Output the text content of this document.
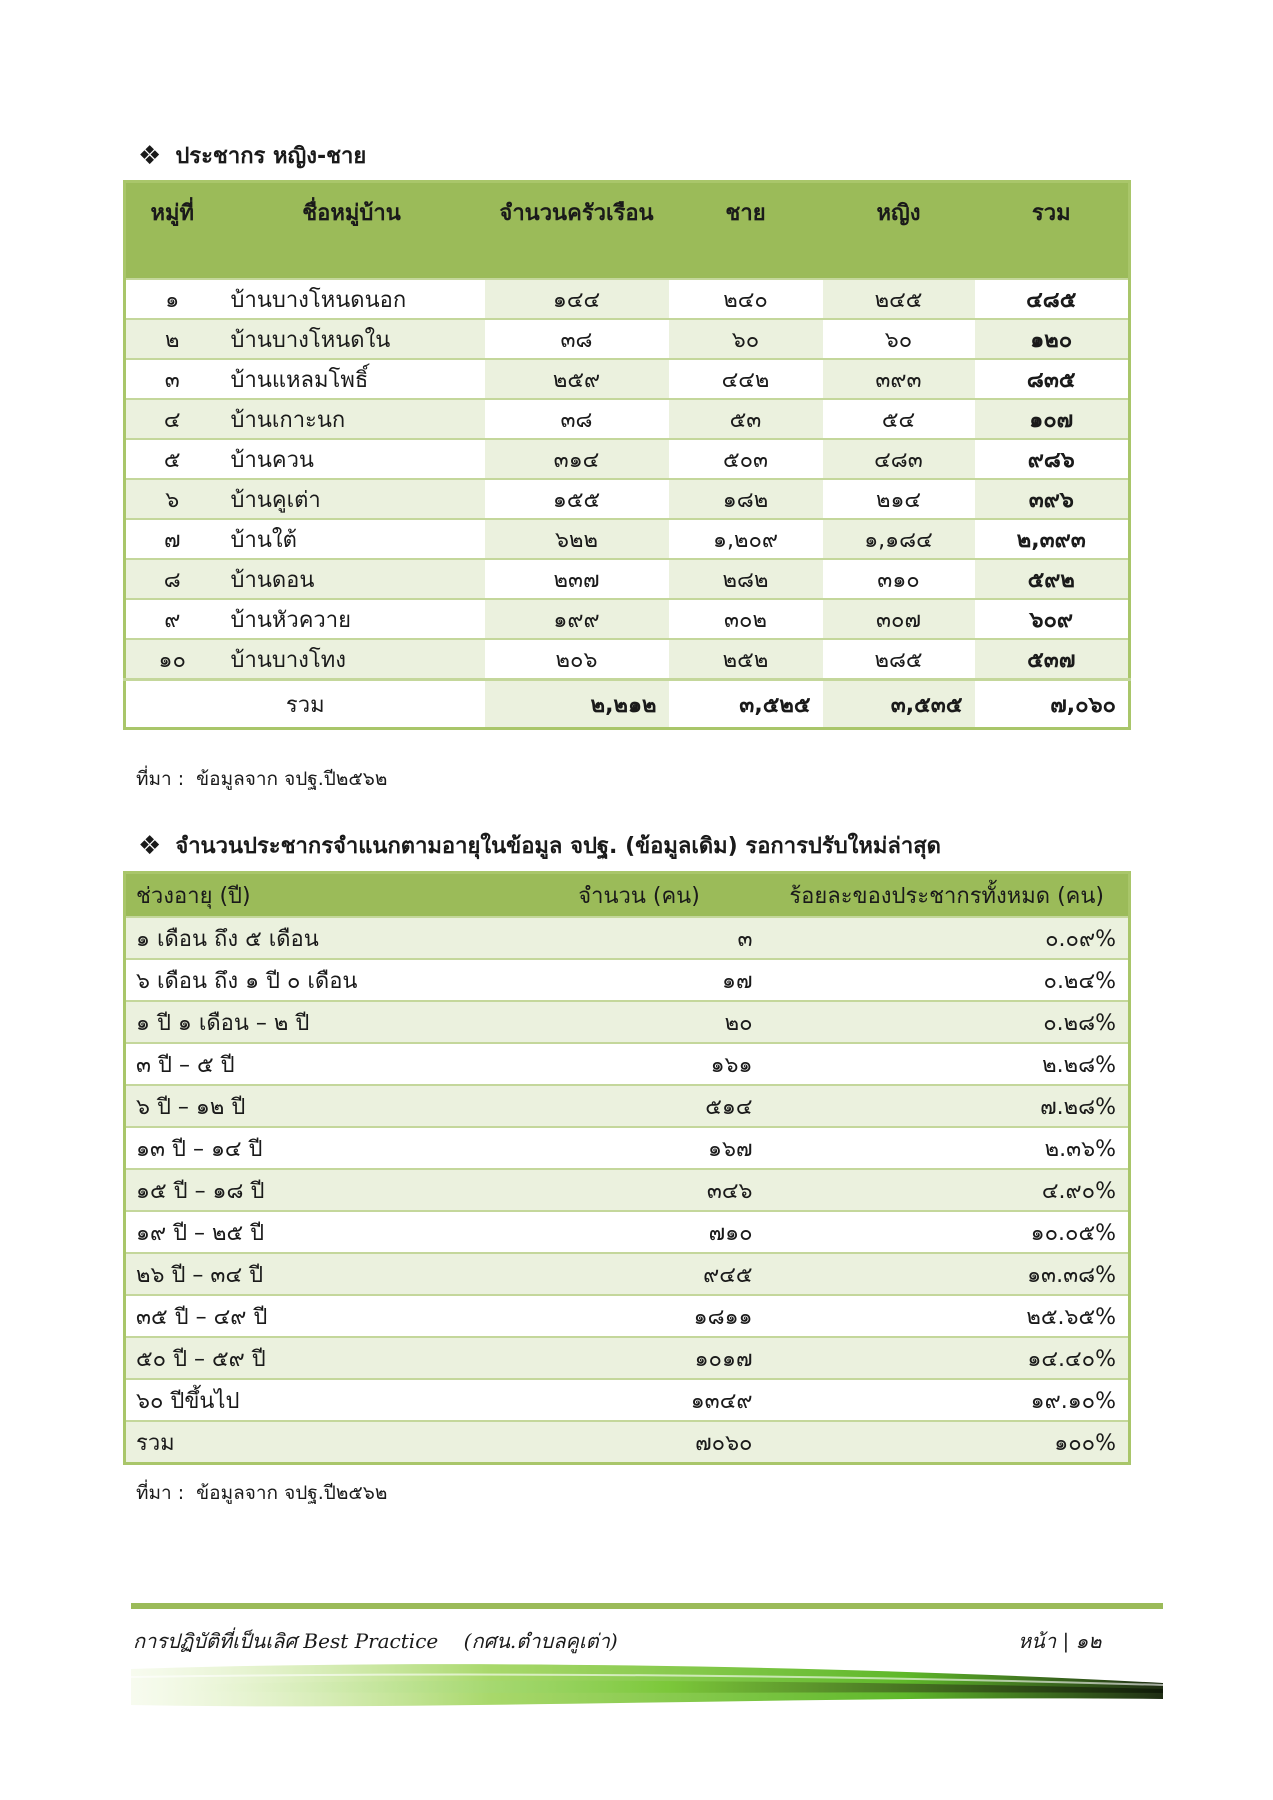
❖ ประชากร หญิง-ชาย
หมู่ที่	ชื่อหมู่บ้าน	จำนวนครัวเรือน	ชาย	หญิง	รวม
๑	บ้านบางโหนดนอก	๑๔๔	๒๔๐	๒๔๕	๔๘๕
๒	บ้านบางโหนดใน	๓๘	๖๐	๖๐	๑๒๐
๓	บ้านแหลมโพธิ์	๒๕๙	๔๔๒	๓๙๓	๘๓๕
๔	บ้านเกาะนก	๓๘	๕๓	๕๔	๑๐๗
๕	บ้านควน	๓๑๔	๕๐๓	๔๘๓	๙๘๖
๖	บ้านคูเต่า	๑๕๕	๑๘๒	๒๑๔	๓๙๖
๗	บ้านใต้	๖๒๒	๑,๒๐๙	๑,๑๘๔	๒,๓๙๓
๘	บ้านดอน	๒๓๗	๒๘๒	๓๑๐	๕๙๒
๙	บ้านหัวควาย	๑๙๙	๓๐๒	๓๐๗	๖๐๙
๑๐	บ้านบางโทง	๒๐๖	๒๕๒	๒๘๕	๕๓๗
รวม		๒,๒๑๒	๓,๕๒๕	๓,๕๓๕	๗,๐๖๐
ที่มา : ข้อมูลจาก จปฐ.ปี๒๕๖๒
❖ จำนวนประชากรจำแนกตามอายุในข้อมูล จปฐ. (ข้อมูลเดิม) รอการปรับใหม่ล่าสุด
ช่วงอายุ (ปี)	จำนวน (คน)	ร้อยละของประชากรทั้งหมด (คน)
๑ เดือน ถึง ๕ เดือน	๓	๐.๐๙%
๖ เดือน ถึง ๑ ปี ๐ เดือน	๑๗	๐.๒๔%
๑ ปี ๑ เดือน – ๒ ปี	๒๐	๐.๒๘%
๓ ปี – ๕ ปี	๑๖๑	๒.๒๘%
๖ ปี – ๑๒ ปี	๕๑๔	๗.๒๘%
๑๓ ปี – ๑๔ ปี	๑๖๗	๒.๓๖%
๑๕ ปี – ๑๘ ปี	๓๔๖	๔.๙๐%
๑๙ ปี – ๒๕ ปี	๗๑๐	๑๐.๐๕%
๒๖ ปี – ๓๔ ปี	๙๔๕	๑๓.๓๘%
๓๕ ปี – ๔๙ ปี	๑๘๑๑	๒๕.๖๕%
๕๐ ปี – ๕๙ ปี	๑๐๑๗	๑๔.๔๐%
๖๐ ปีขึ้นไป	๑๓๔๙	๑๙.๑๐%
รวม	๗๐๖๐	๑๐๐%
ที่มา : ข้อมูลจาก จปฐ.ปี๒๕๖๒
การปฏิบัติที่เป็นเลิศ Best Practice    (กศน.ตำบลคูเต่า)	หน้า | ๑๒
